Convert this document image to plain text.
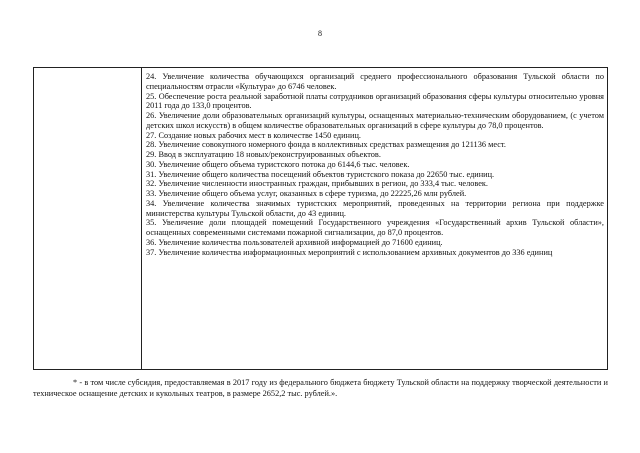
8

24. Увеличение количества обучающихся организаций среднего профессионального образования Тульской области по специальностям отрасли «Культура» до 6746 человек.

25. Обеспечение роста реальной заработной платы сотрудников организаций образования сферы культуры относительно уровня 2011 года до 133,0 процентов.

26. Увеличение доли образовательных организаций культуры, оснащенных материально-техническим оборудованием, (с учетом детских школ искусств) в общем количестве образовательных организаций в сфере культуры до 78,0 процентов.

27. Создание новых рабочих мест в количестве 1450 единиц.

28. Увеличение совокупного номерного фонда в коллективных средствах размещения до 121136 мест.

29. Ввод в эксплуатацию 18 новых/реконструированных объектов.

30. Увеличение общего объема туристского потока до 6144,6 тыс. человек.

31. Увеличение общего количества посещений объектов туристского показа до 22650 тыс. единиц.

32. Увеличение численности иностранных граждан, прибывших в регион, до 333,4 тыс. человек.

33. Увеличение общего объема услуг, оказанных в сфере туризма, до 22225,26 млн рублей.

34. Увеличение количества значимых туристских мероприятий, проведенных на территории региона при поддержке министерства культуры Тульской области, до 43 единиц.

35. Увеличение доли площадей помещений Государственного учреждения «Государственный архив Тульской области», оснащенных современными системами пожарной сигнализации, до 87,0 процентов.

36. Увеличение количества пользователей архивной информацией до 71600 единиц.

37. Увеличение количества информационных мероприятий с использованием архивных документов до 336 единиц

* - в том числе субсидия, предоставляемая в 2017 году из федерального бюджета бюджету Тульской области на поддержку творческой деятельности и техническое оснащение детских и кукольных театров, в размере 2652,2 тыс. рублей.».
